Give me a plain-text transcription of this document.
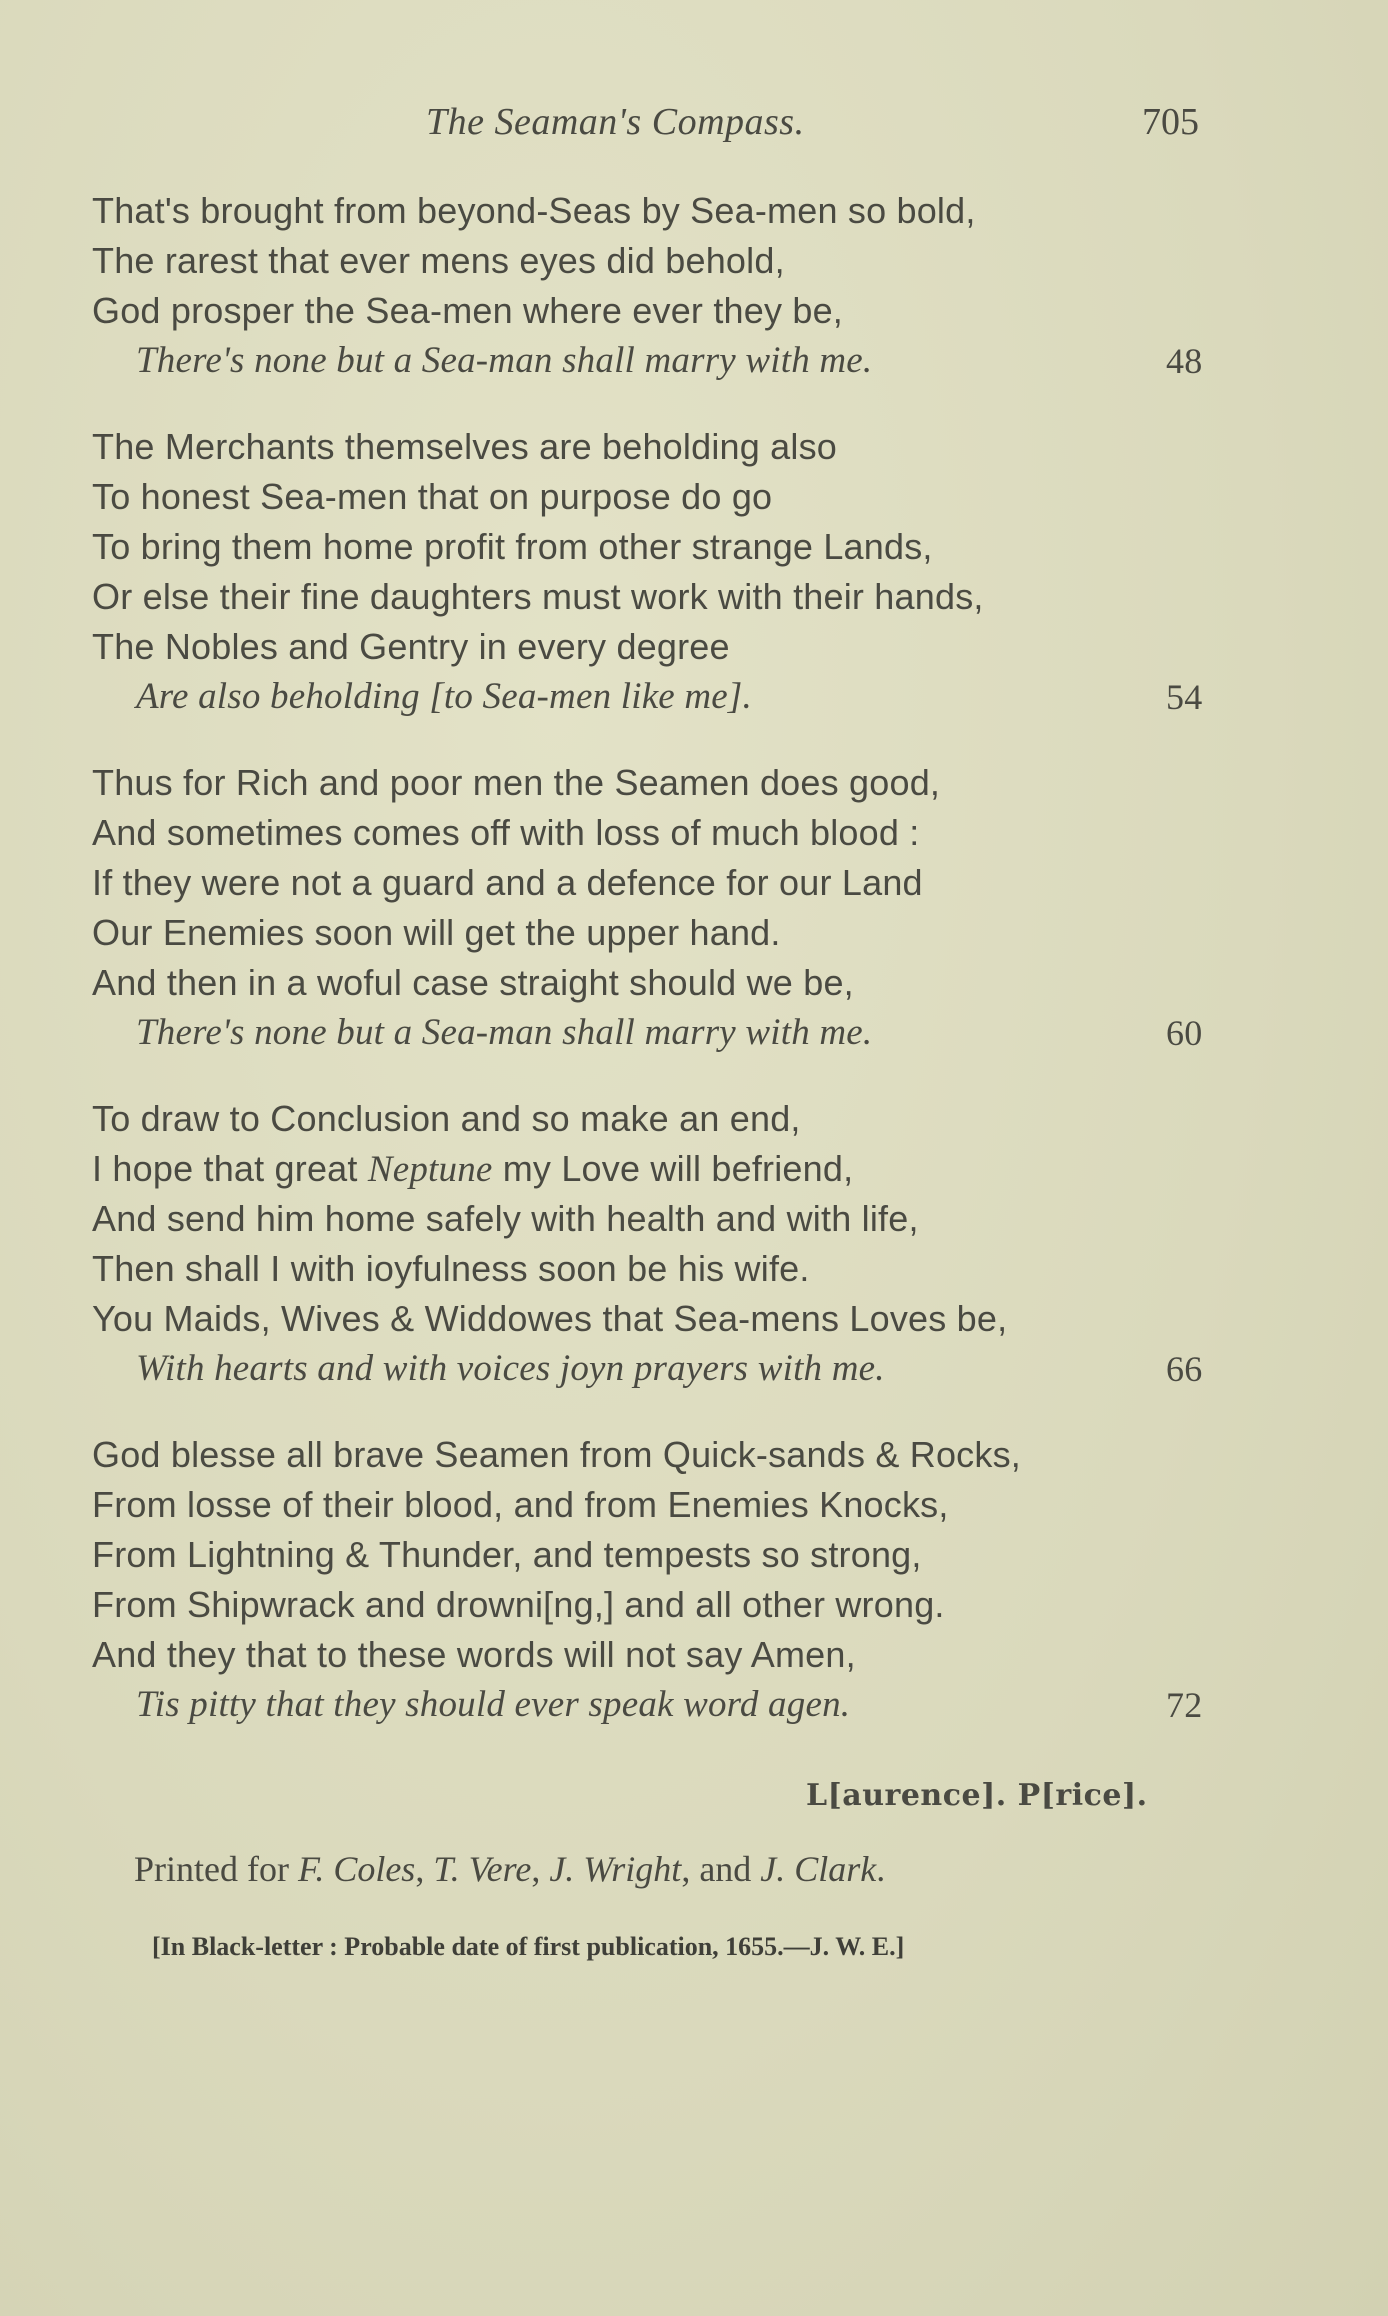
The Seaman's Compass.	705
That's brought from beyond-Seas by Sea-men so bold,
The rarest that ever mens eyes did behold,
God prosper the Sea-men where ever they be,
There's none but a Sea-man shall marry with me.	48
The Merchants themselves are beholding also
To honest Sea-men that on purpose do go
To bring them home profit from other strange Lands,
Or else their fine daughters must work with their hands,
The Nobles and Gentry in every degree
Are also beholding [to Sea-men like me].	54
Thus for Rich and poor men the Seamen does good,
And sometimes comes off with loss of much blood :
If they were not a guard and a defence for our Land
Our Enemies soon will get the upper hand.
And then in a woful case straight should we be,
There's none but a Sea-man shall marry with me.	60
To draw to Conclusion and so make an end,
I hope that great Neptune my Love will befriend,
And send him home safely with health and with life,
Then shall I with ioyfulness soon be his wife.
You Maids, Wives & Widdowes that Sea-mens Loves be,
With hearts and with voices joyn prayers with me.	66
God blesse all brave Seamen from Quick-sands & Rocks,
From losse of their blood, and from Enemies Knocks,
From Lightning & Thunder, and tempests so strong,
From Shipwrack and drowni[ng,] and all other wrong.
And they that to these words will not say Amen,
Tis pitty that they should ever speak word agen.	72
L[aurence]. P[rice].
Printed for F. Coles, T. Vere, J. Wright, and J. Clark.
[In Black-letter : Probable date of first publication, 1655.—J. W. E.]
